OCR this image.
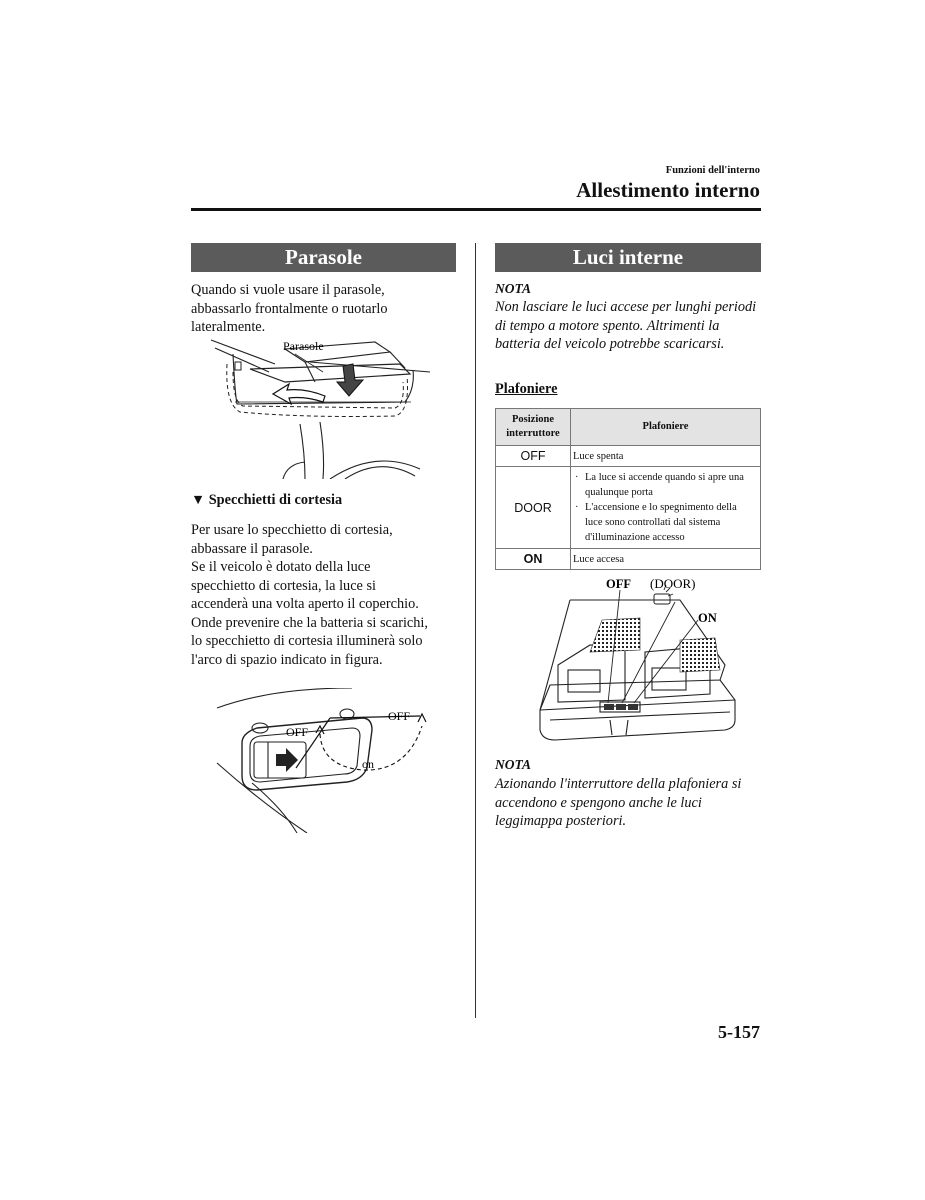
Funzioni dell'interno
Allestimento interno
Parasole
Quando si vuole usare il parasole, abbassarlo frontalmente o ruotarlo lateralmente.
Parasole
▼ Specchietti di cortesia
Per usare lo specchietto di cortesia, abbassare il parasole.
Se il veicolo è dotato della luce specchietto di cortesia, la luce si accenderà una volta aperto il coperchio.
Onde prevenire che la batteria si scarichi, lo specchietto di cortesia illuminerà solo l'arco di spazio indicato in figura.
OFF
OFF
on
Luci interne
NOTA
Non lasciare le luci accese per lunghi periodi di tempo a motore spento. Altrimenti la batteria del veicolo potrebbe scaricarsi.
Plafoniere
Posizione interruttore	Plafoniere
OFF	Luce spenta
DOOR	· La luce si accende quando si apre una qualunque porta
· L'accensione e lo spegnimento della luce sono controllati dal sistema d'illuminazione accesso

ON	Luce accesa
OFF (DOOR)
ON
NOTA
Azionando l'interruttore della plafoniera si accendono e spengono anche le luci leggimappa posteriori.
5-157
